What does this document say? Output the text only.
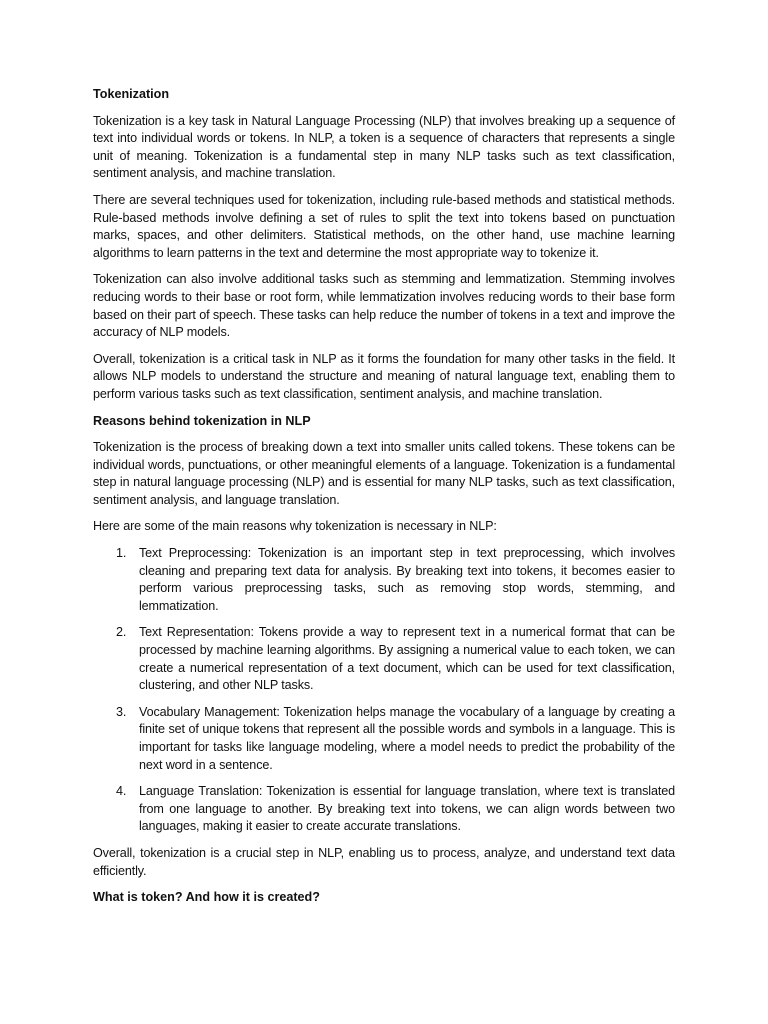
Tokenization

Tokenization is a key task in Natural Language Processing (NLP) that involves breaking up a sequence of text into individual words or tokens. In NLP, a token is a sequence of characters that represents a single unit of meaning. Tokenization is a fundamental step in many NLP tasks such as text classification, sentiment analysis, and machine translation.

There are several techniques used for tokenization, including rule-based methods and statistical methods. Rule-based methods involve defining a set of rules to split the text into tokens based on punctuation marks, spaces, and other delimiters. Statistical methods, on the other hand, use machine learning algorithms to learn patterns in the text and determine the most appropriate way to tokenize it.

Tokenization can also involve additional tasks such as stemming and lemmatization. Stemming involves reducing words to their base or root form, while lemmatization involves reducing words to their base form based on their part of speech. These tasks can help reduce the number of tokens in a text and improve the accuracy of NLP models.

Overall, tokenization is a critical task in NLP as it forms the foundation for many other tasks in the field. It allows NLP models to understand the structure and meaning of natural language text, enabling them to perform various tasks such as text classification, sentiment analysis, and machine translation.

Reasons behind tokenization in NLP

Tokenization is the process of breaking down a text into smaller units called tokens. These tokens can be individual words, punctuations, or other meaningful elements of a language. Tokenization is a fundamental step in natural language processing (NLP) and is essential for many NLP tasks, such as text classification, sentiment analysis, and language translation.

Here are some of the main reasons why tokenization is necessary in NLP:

1. Text Preprocessing: Tokenization is an important step in text preprocessing, which involves cleaning and preparing text data for analysis. By breaking text into tokens, it becomes easier to perform various preprocessing tasks, such as removing stop words, stemming, and lemmatization.
2. Text Representation: Tokens provide a way to represent text in a numerical format that can be processed by machine learning algorithms. By assigning a numerical value to each token, we can create a numerical representation of a text document, which can be used for text classification, clustering, and other NLP tasks.
3. Vocabulary Management: Tokenization helps manage the vocabulary of a language by creating a finite set of unique tokens that represent all the possible words and symbols in a language. This is important for tasks like language modeling, where a model needs to predict the probability of the next word in a sentence.
4. Language Translation: Tokenization is essential for language translation, where text is translated from one language to another. By breaking text into tokens, we can align words between two languages, making it easier to create accurate translations.

Overall, tokenization is a crucial step in NLP, enabling us to process, analyze, and understand text data efficiently.

What is token? And how it is created?
